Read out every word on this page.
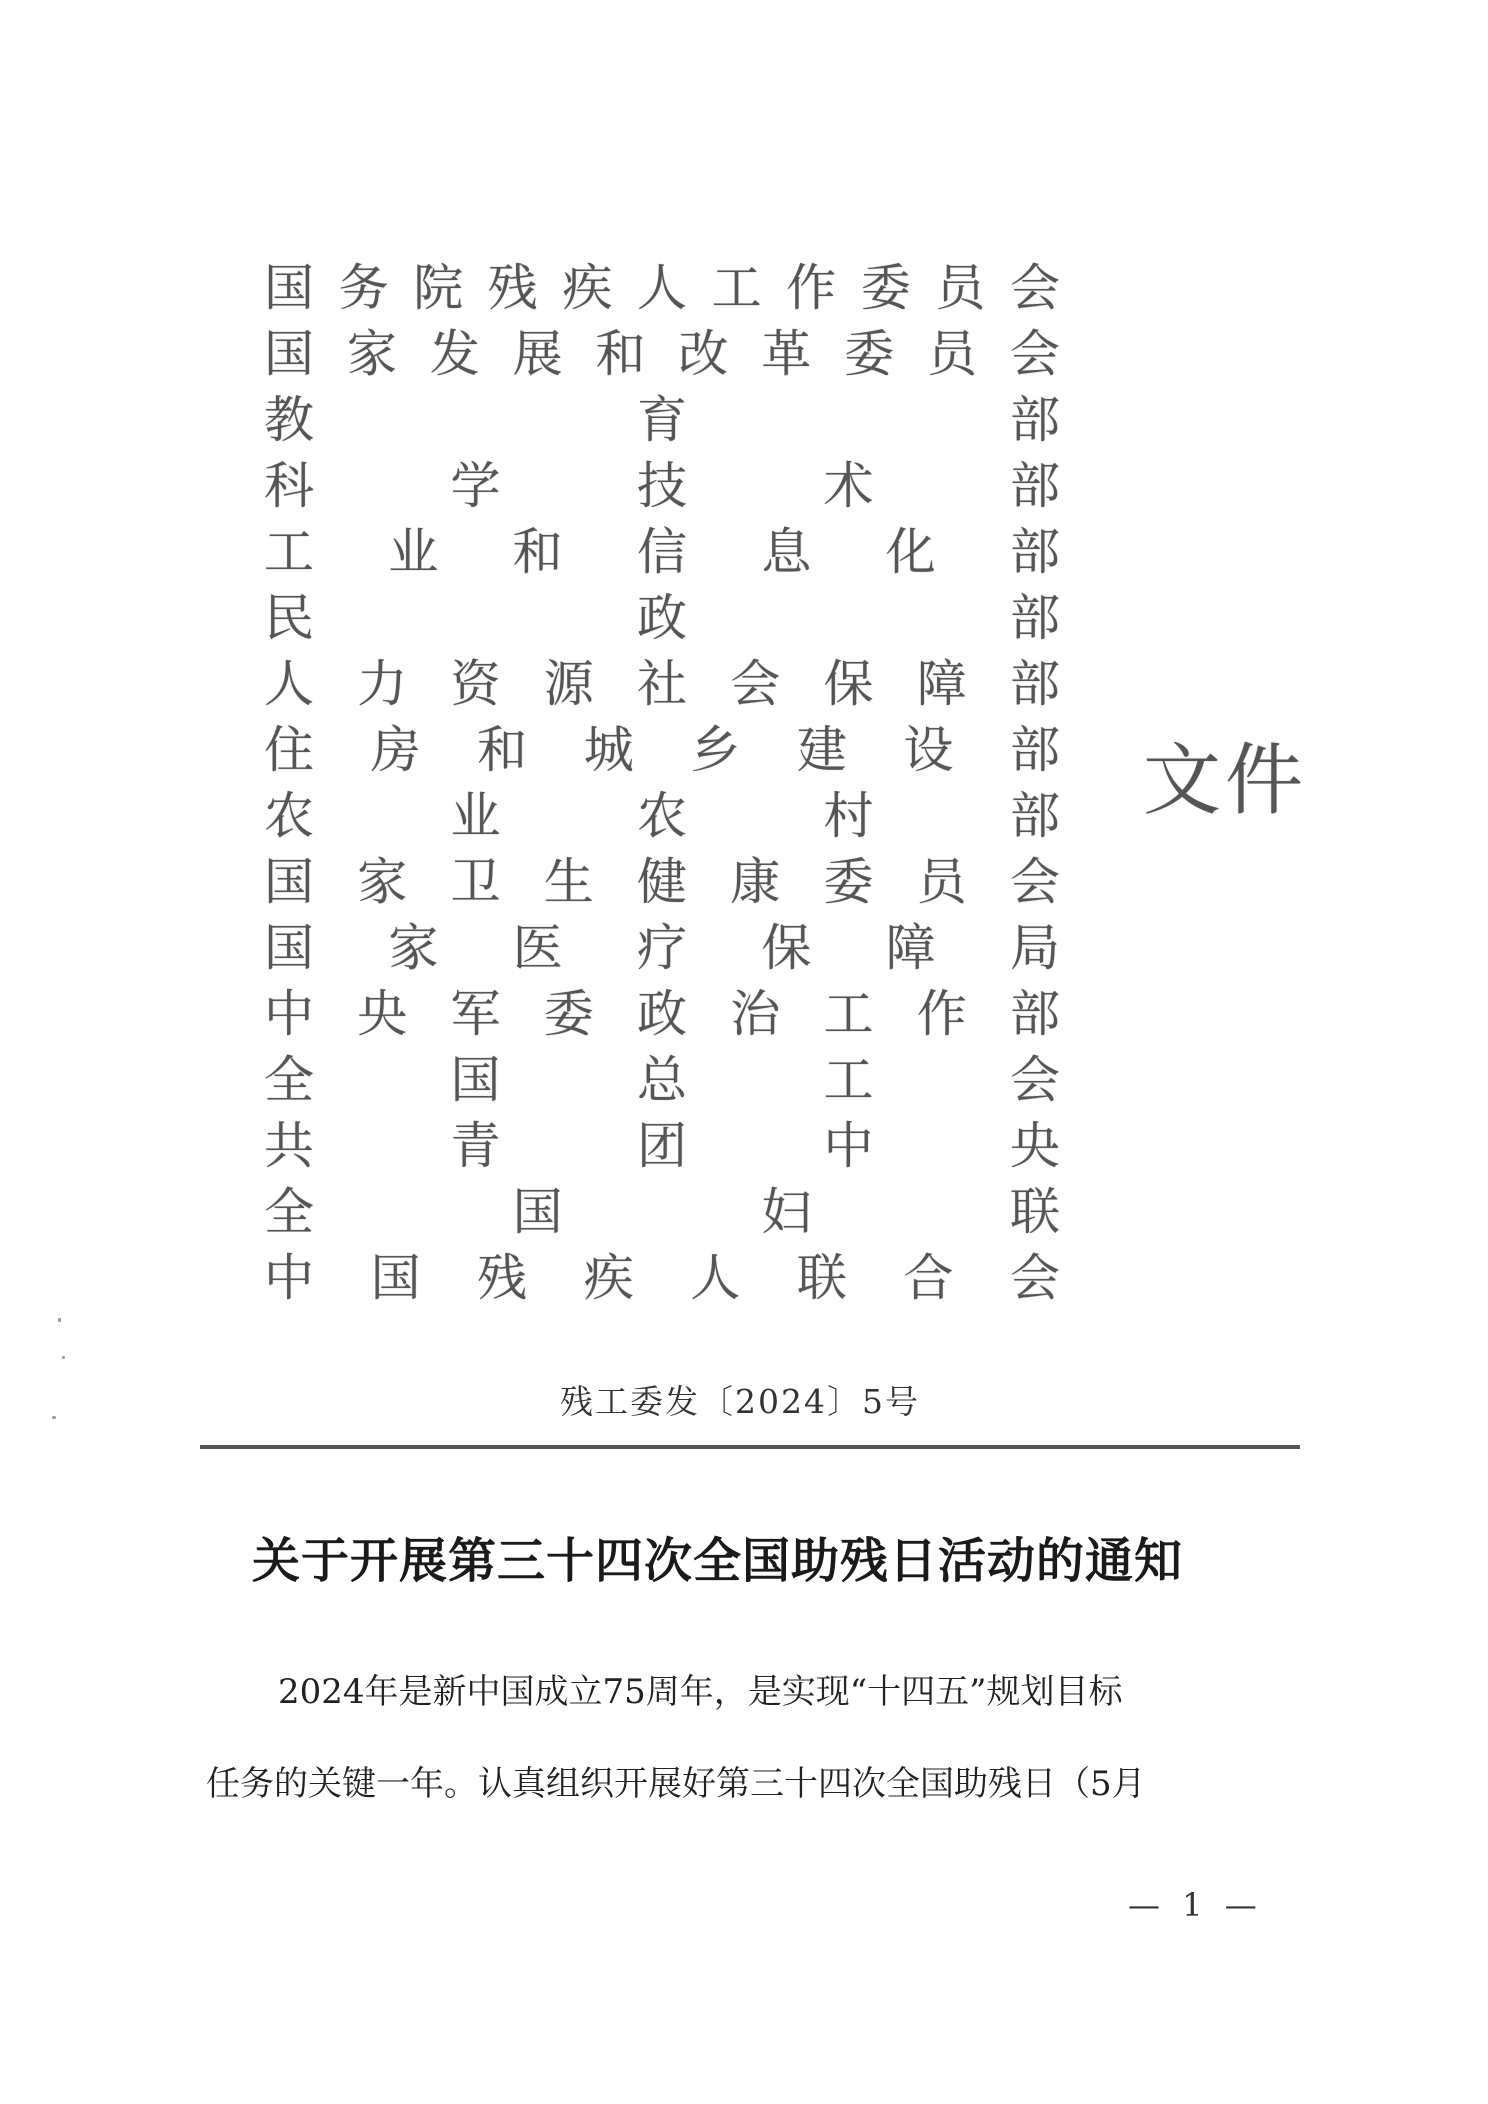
国 务 院 残 疾 人 工 作 委 员 会
国 家 发 展 和 改 革 委 员 会
教	育	部
科	学	技	术	部
工 业 和 信 息 化 部
民	政	部
人 力 资 源 社 会 保 障 部
住 房 和 城 乡 建 设 部
农	业	农	村	部
国 家 卫 生 健 康 委 员 会
国 家 医 疗 保 障 局
中 央 军 委 政 治 工 作 部
全	国	总	工	会
共	青	团	中	央
全	国	妇	联
中 国 残 疾 人 联 合 会
文件
残工委发〔2024〕5号
关于开展第三十四次全国助残日活动的通知
2024年是新中国成立75周年，是实现“十四五”规划目标
任务的关键一年。认真组织开展好第三十四次全国助残日（5月
— 1 —
